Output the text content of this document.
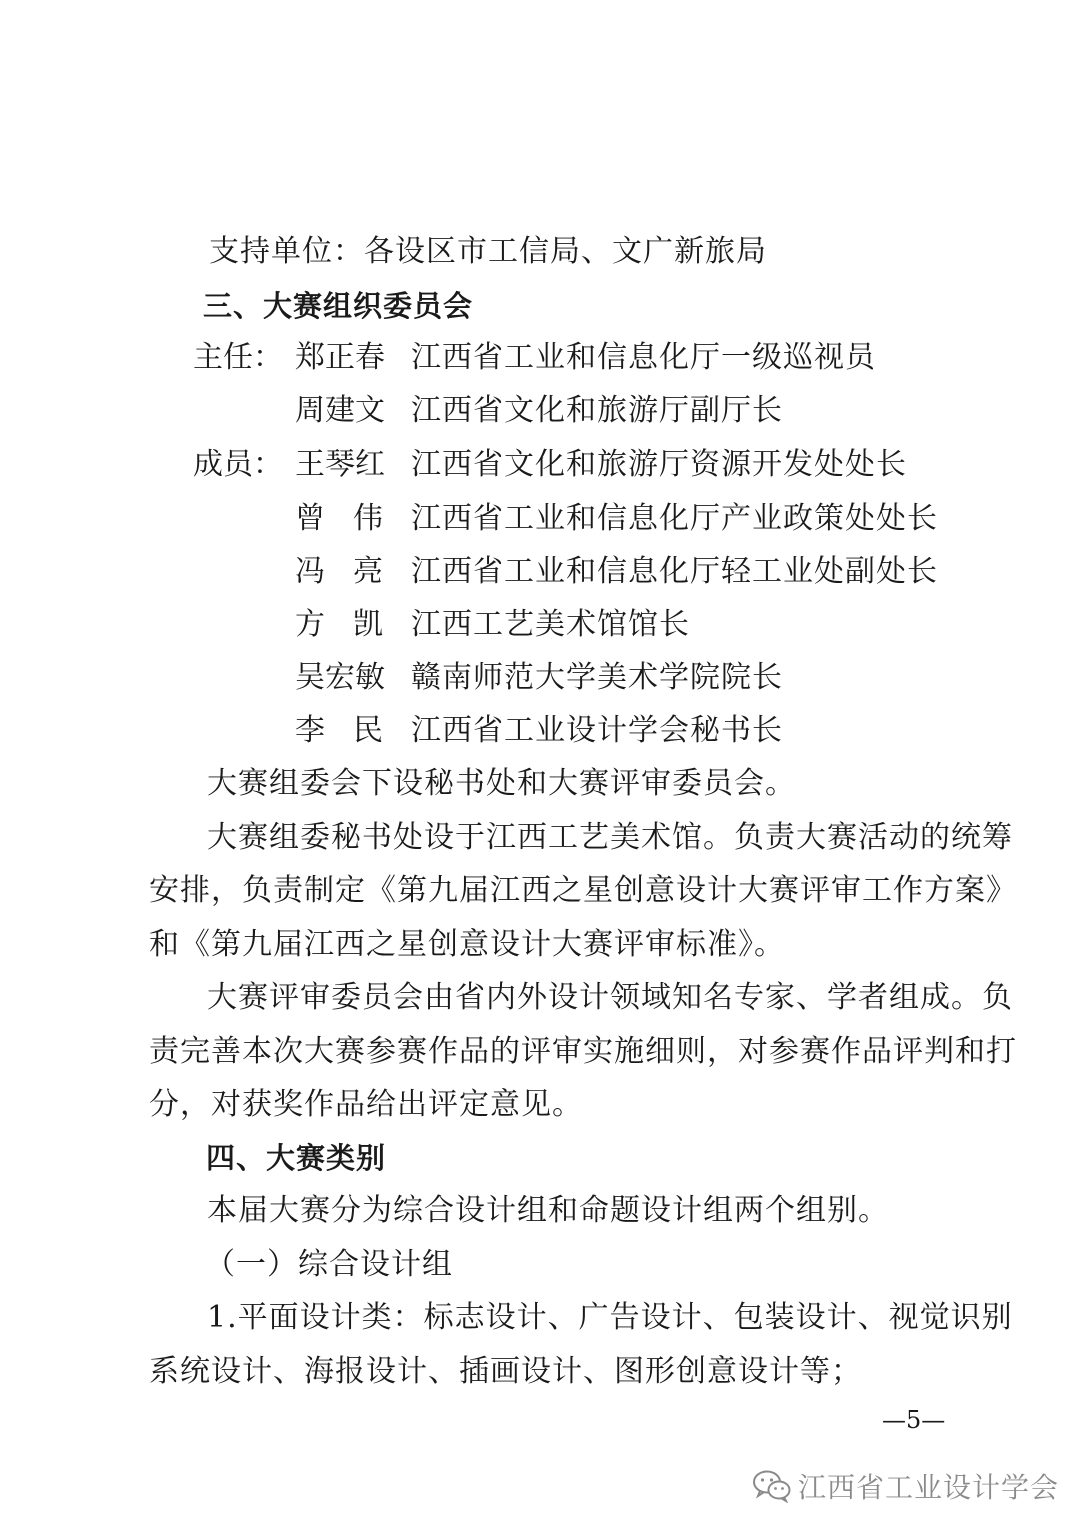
支持单位：各设区市工信局、文广新旅局
三、大赛组织委员会
主任： 郑正春 江西省工业和信息化厅一级巡视员
周建文 江西省文化和旅游厅副厅长
成员： 王琴红 江西省文化和旅游厅资源开发处处长
曾 伟 江西省工业和信息化厅产业政策处处长
冯 亮 江西省工业和信息化厅轻工业处副处长
方 凯 江西工艺美术馆馆长
吴宏敏 赣南师范大学美术学院院长
李 民 江西省工业设计学会秘书长
大赛组委会下设秘书处和大赛评审委员会。
大 赛 组 委 秘 书 处 设 于 江 西 工 艺 美 术 馆 。 负 责 大 赛 活 动 的 统 筹
安 排 ， 负 责 制 定 《 第 九 届 江 西 之 星 创 意 设 计 大 赛 评 审 工 作 方 案 》
和《第九届江西之星创意设计大赛评审标准》。
大 赛 评 审 委 员 会 由 省 内 外 设 计 领 域 知 名 专 家 、 学 者 组 成 。 负
责 完 善 本 次 大 赛 参 赛 作 品 的 评 审 实 施 细 则 ， 对 参 赛 作 品 评 判 和 打
分，对获奖作品给出评定意见。
四、大赛类别
本届大赛分为综合设计组和命题设计组两个组别。
（一）综合设计组
1 . 平 面 设 计 类 ： 标 志 设 计 、 广 告 设 计 、 包 装 设 计 、 视 觉 识 别
系统设计、海报设计、插画设计、图形创意设计等；
—5—
江西省工业设计学会
